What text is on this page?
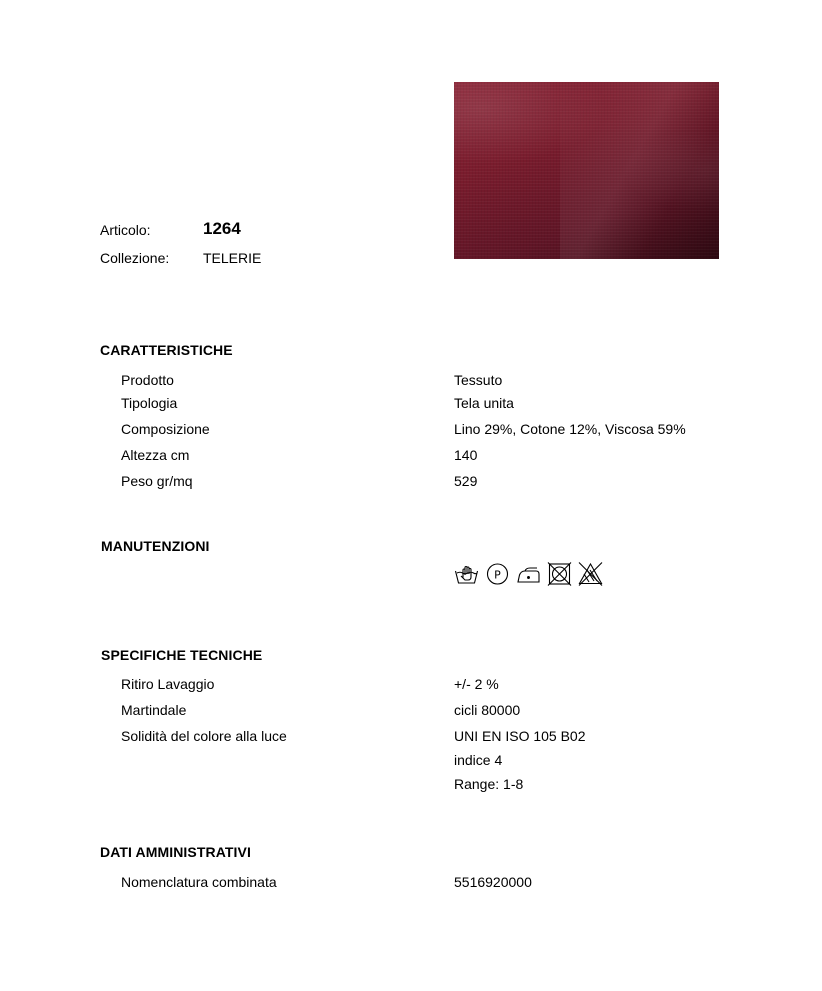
Articolo:	1264
Collezione: TELERIE
CARATTERISTICHE
Prodotto	Tessuto
Tipologia	Tela unita
Composizione	Lino 29%, Cotone 12%, Viscosa 59%
Altezza cm	140
Peso gr/mq	529
MANUTENZIONI
P
SPECIFICHE TECNICHE
Ritiro Lavaggio	+/- 2 %
Martindale	cicli 80000
Solidità del colore alla luce	UNI EN ISO 105 B02
indice 4
Range: 1-8
DATI AMMINISTRATIVI
Nomenclatura combinata	5516920000
